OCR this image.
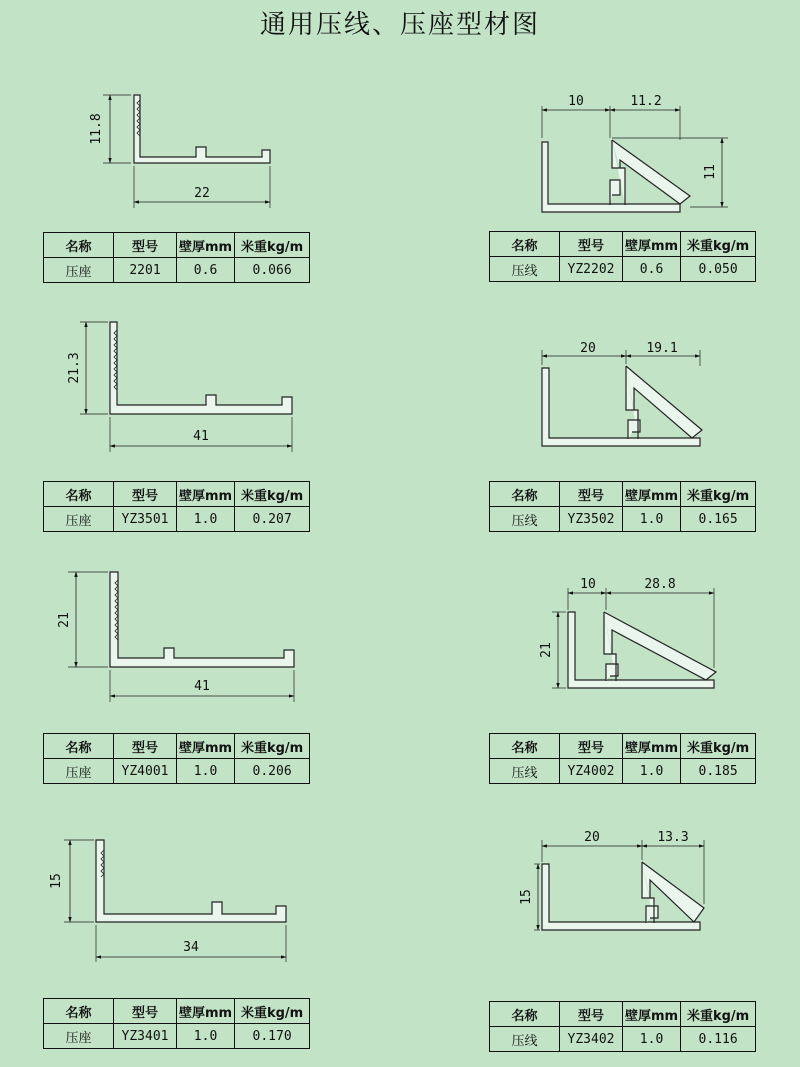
通用压线、压座型材图
11.8
22
10	11.2
11
21.3
41
20	19.1
21
41
10	28.8
21
15
34
20	13.3
15
名称	型号	壁厚mm	米重kg/m
压座	2201	0.6	0.066
名称	型号	壁厚mm	米重kg/m
压线	YZ2202	0.6	0.050
名称	型号	壁厚mm	米重kg/m
压座	YZ3501	1.0	0.207
名称	型号	壁厚mm	米重kg/m
压线	YZ3502	1.0	0.165
名称	型号	壁厚mm	米重kg/m
压座	YZ4001	1.0	0.206
名称	型号	壁厚mm	米重kg/m
压线	YZ4002	1.0	0.185
名称	型号	壁厚mm	米重kg/m
压座	YZ3401	1.0	0.170
名称	型号	壁厚mm	米重kg/m
压线	YZ3402	1.0	0.116
